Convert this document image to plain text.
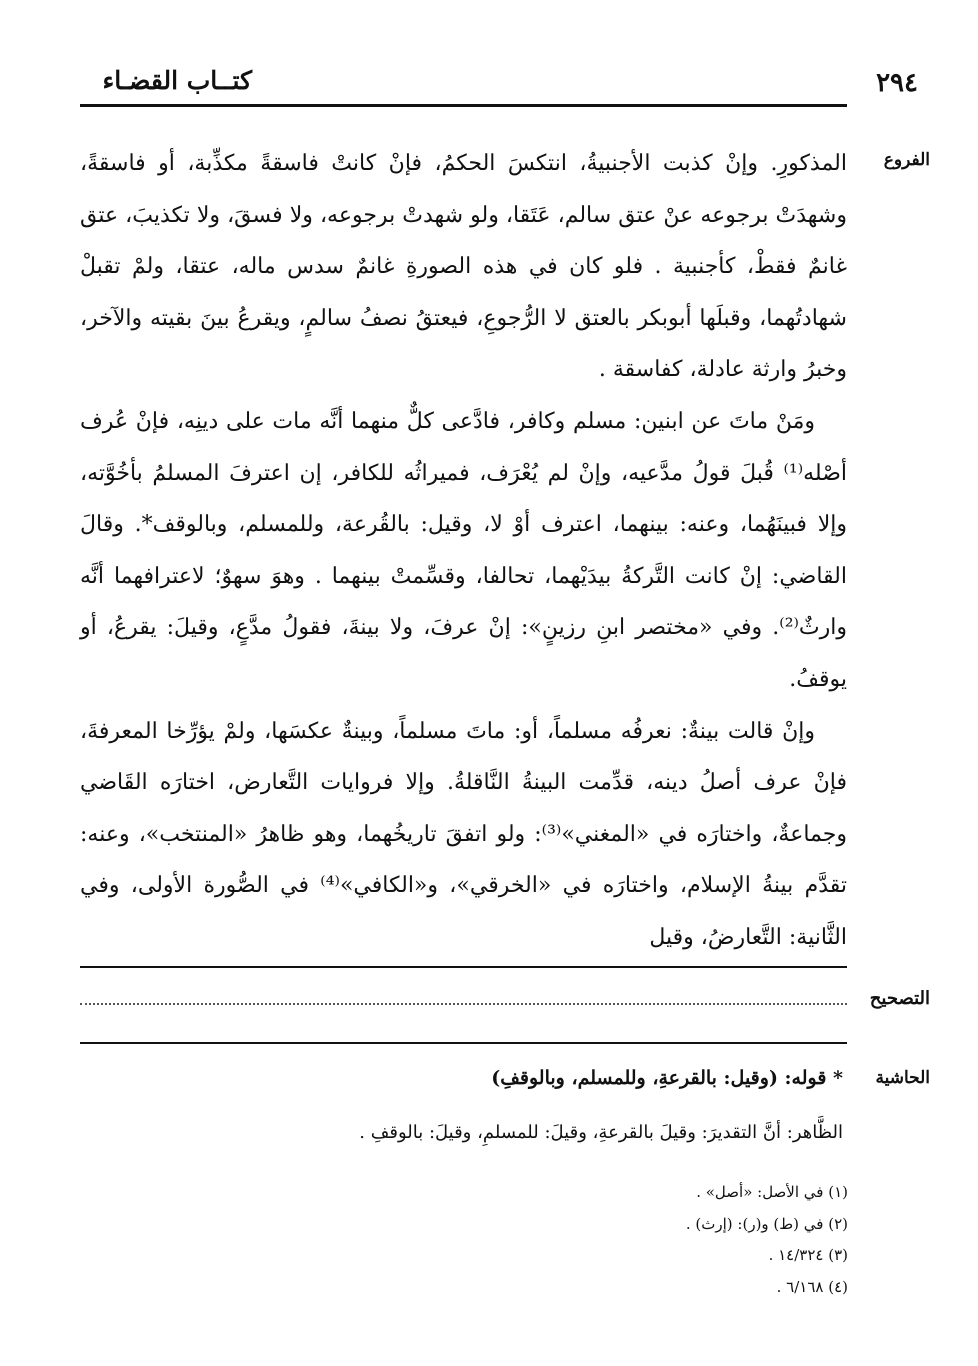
كتــاب القضـاء	٢٩٤
الفروع
التصحيح
الحاشية

المذكورِ. وإنْ كذبت الأجنبيةُ، انتكسَ الحكمُ، فإنْ كانتْ فاسقةً مكذِّبة، أو فاسقةً، وشهدَتْ برجوعه عنْ عتق سالم، عَتَقا، ولو شهدتْ برجوعه، ولا فسقَ، ولا تكذيبَ، عتق غانمٌ فقطْ، كأجنبية . فلو كان في هذه الصورةِ غانمٌ سدس ماله، عتقا، ولمْ تقبلْ شهادتُهما، وقبلَها أبوبكر بالعتق لا الرُّجوعِ، فيعتقُ نصفُ سالمٍ، ويقرعُ بينَ بقيته والآخر، وخبرُ وارثة عادلة، كفاسقة .

ومَنْ ماتَ عن ابنين: مسلم وكافر، فادَّعى كلٌّ منهما أنَّه مات على دينِه، فإنْ عُرف أصْله⁽¹⁾ قُبلَ قولُ مدَّعيه، وإنْ لم يُعْرَف، فميراثُه للكافر، إن اعترفَ المسلمُ بأخُوَّته، وإلا فبينَهُما، وعنه: بينهما، اعترف أوْ لا، وقيل: بالقُرعة، وللمسلم، وبالوقف*. وقالَ القاضي: إنْ كانت التَّركةُ بيدَيْهما، تحالفا، وقسِّمتْ بينهما . وهوَ سهوٌ؛ لاعترافهما أنَّه وارثٌ⁽²⁾. وفي «مختصر ابنِ رزينٍ»: إنْ عرفَ، ولا بينةَ، فقولُ مدَّعٍ، وقيلَ: يقرعُ، أو يوقفُ.

وإنْ قالت بينةٌ: نعرفُه مسلماً، أو: ماتَ مسلماً، وبينةٌ عكسَها، ولمْ يؤرِّخا المعرفةَ، فإنْ عرف أصلُ دينه، قدِّمت البينةُ النَّاقلةُ. وإلا فروايات التَّعارض، اختارَه القَاضي وجماعةٌ، واختارَه في «المغني»⁽³⁾: ولو اتفقَ تاريخُهما، وهو ظاهرُ «المنتخب»، وعنه: تقدَّم بينةُ الإسلام، واختارَه في «الخرقي»، و«الكافي»⁽⁴⁾ في الصُّورة الأولى، وفي الثَّانية: التَّعارضُ، وقيل

* قوله: (وقيل: بالقرعةِ، وللمسلم، وبالوقفِ)
الظَّاهر: أنَّ التقديرَ: وقيلَ بالقرعةِ، وقيلَ: للمسلمِ، وقيلَ: بالوقفِ .
(١) في الأصل: «أصل» .
(٢) في (ط) و(ر): (إرث) .
(٣) ١٤/٣٢٤ .
(٤) ٦/١٦٨ .
